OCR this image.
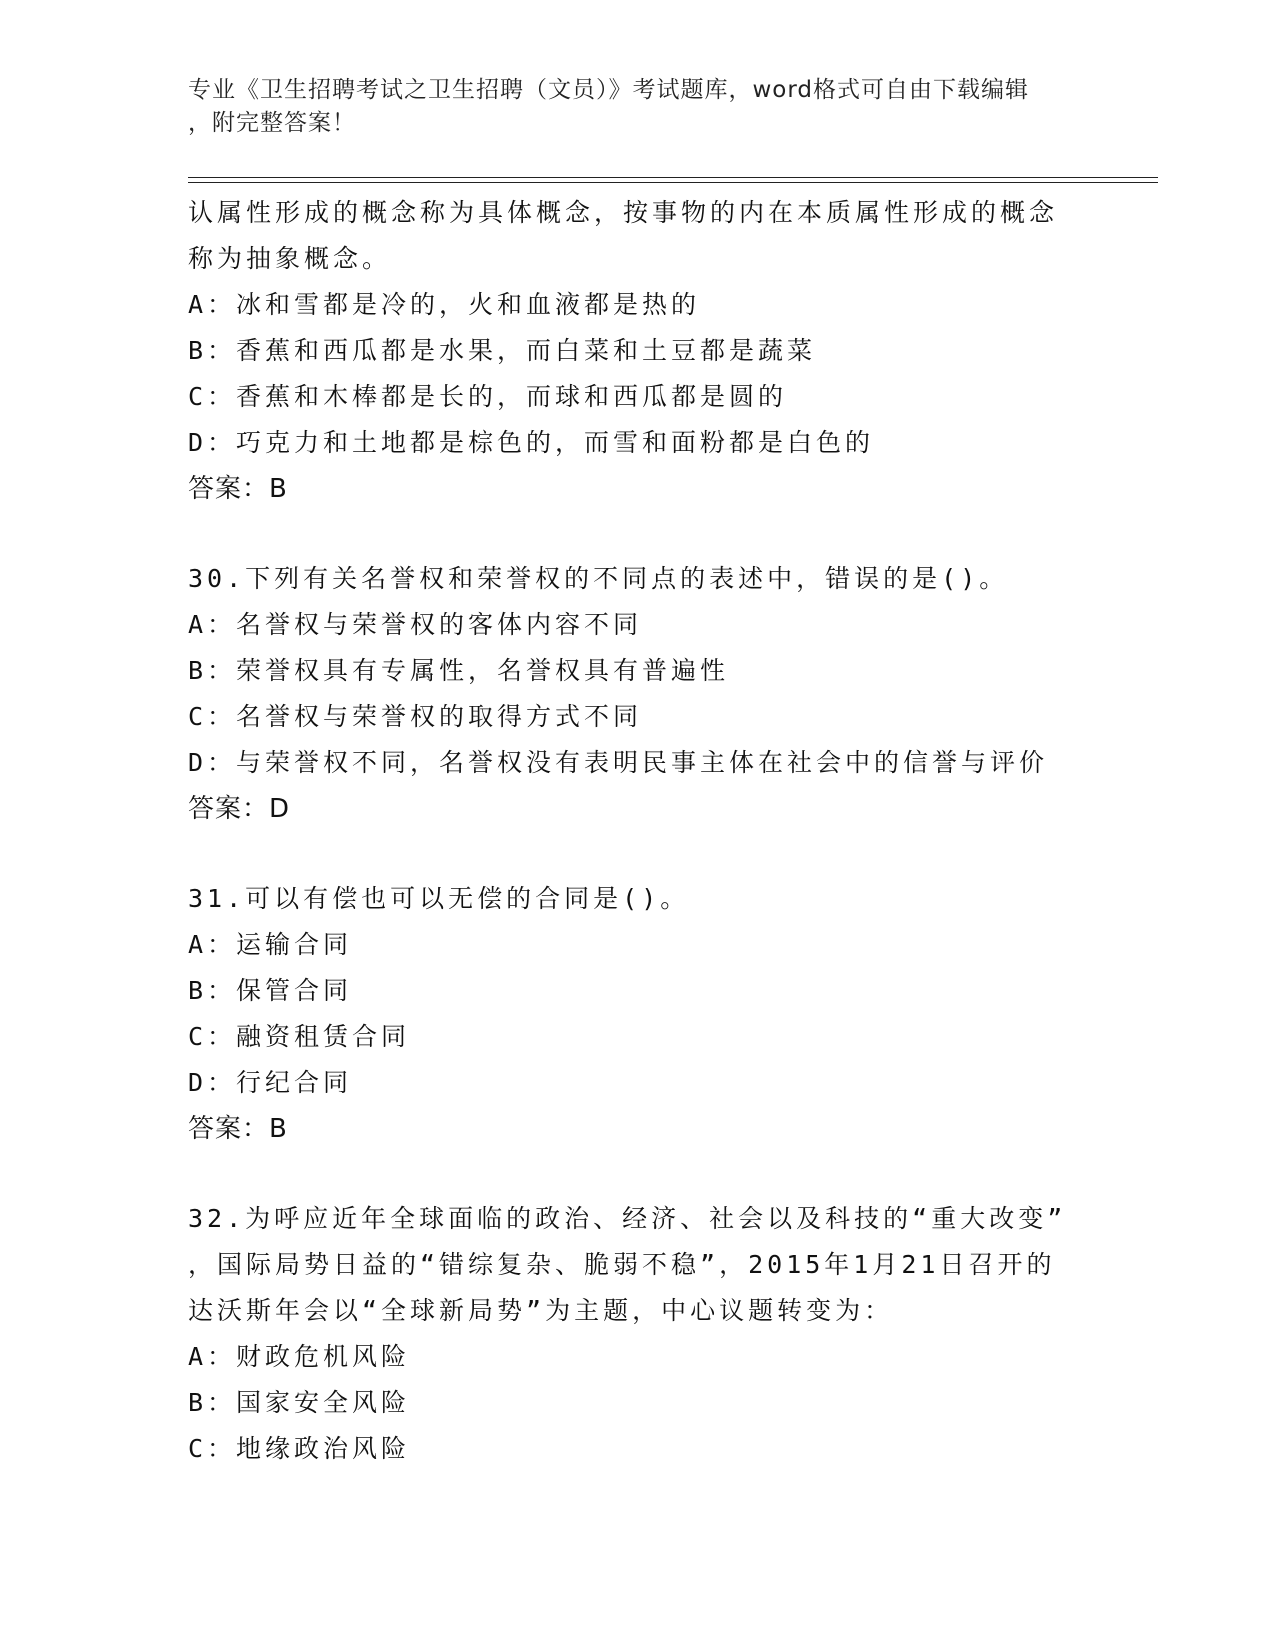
专业《卫生招聘考试之卫生招聘（文员）》考试题库，word格式可自由下载编辑
，附完整答案！
认属性形成的概念称为具体概念，按事物的内在本质属性形成的概念
称为抽象概念。
A：冰和雪都是冷的，火和血液都是热的
B：香蕉和西瓜都是水果，而白菜和土豆都是蔬菜
C：香蕉和木棒都是长的，而球和西瓜都是圆的
D：巧克力和土地都是棕色的，而雪和面粉都是白色的
答案：B
30.下列有关名誉权和荣誉权的不同点的表述中，错误的是()。
A：名誉权与荣誉权的客体内容不同
B：荣誉权具有专属性，名誉权具有普遍性
C：名誉权与荣誉权的取得方式不同
D：与荣誉权不同，名誉权没有表明民事主体在社会中的信誉与评价
答案：D
31.可以有偿也可以无偿的合同是()。
A：运输合同
B：保管合同
C：融资租赁合同
D：行纪合同
答案：B
32.为呼应近年全球面临的政治、经济、社会以及科技的“重大改变”
，国际局势日益的“错综复杂、脆弱不稳”，2015年1月21日召开的
达沃斯年会以“全球新局势”为主题，中心议题转变为：
A：财政危机风险
B：国家安全风险
C：地缘政治风险
